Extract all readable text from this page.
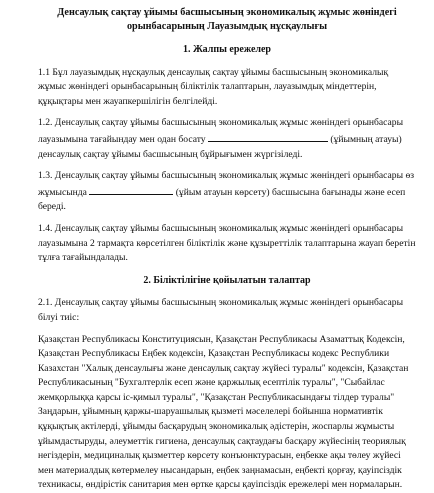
Денсаулық сақтау ұйымы басшысының экономикалық жұмыс жөніндегі

орынбасарының Лауазымдық нұсқаулығы

1. Жалпы ережелер

1.1 Бұл лауазымдық нұсқаулық денсаулық сақтау ұйымы басшысының экономикалық жұмыс жөніндегі орынбасарының біліктілік талаптарын, лауазымдық міндеттерін, құқықтары мен жауапкершілігін белгілейді.

1.2. Денсаулық сақтау ұйымы басшысының экономикалық жұмыс жөніндегі орынбасары лауазымына тағайындау мен одан босату	(ұйымның атауы) денсаулық сақтау ұйымы басшысының бұйрығымен жүргізіледі.

1.3. Денсаулық сақтау ұйымы басшысының экономикалық жұмыс жөніндегі орынбасары өз жұмысында	(ұйым атауын көрсету) басшысына бағынады және есеп береді.

1.4. Денсаулық сақтау ұйымы басшысының экономикалық жұмыс жөніндегі орынбасары лауазымына 2 тармақта көрсетілген біліктілік және құзыреттілік талаптарына жауап беретін тұлға тағайындалады.

2. Біліктілігіне қойылатын талаптар

2.1. Денсаулық сақтау ұйымы басшысының экономикалық жұмыс жөніндегі орынбасары білуі тиіс:

Қазақстан Республикасы Конституциясын, Қазақстан Республикасы Азаматтық Кодексін, Қазақстан Республикасы Еңбек кодексін, Қазақстан Республикасы кодекс Республики Казахстан "Халық денсаулығы және денсаулық сақтау жүйесі туралы" кодексін, Қазақстан Республикасының "Бухгалтерлік есеп және қаржылық есептілік туралы", "Сыбайлас жемқорлыққа қарсы іс-қимыл туралы", "Қазақстан Республикасындағы тілдер туралы" Заңдарын, ұйымның қаржы-шаруашылық қызметі мәселелері бойынша нормативтік құқықтық актілерді, ұйымды басқарудың экономикалық әдістерін, жоспарлы жұмысты ұйымдастыруды, әлеуметтік гигиена, денсаулық сақтаудағы басқару жүйесінің теориялық негіздерін, медициналық қызметтер көрсету конъюнктурасын, еңбекке ақы төлеу жүйесі мен материалдық көтермелеу нысандарын, еңбек заңнамасын, еңбекті қорғау, қауіпсіздік техникасы, өндірістік санитария мен өртке қарсы қауіпсіздік ережелері мен нормаларын.
